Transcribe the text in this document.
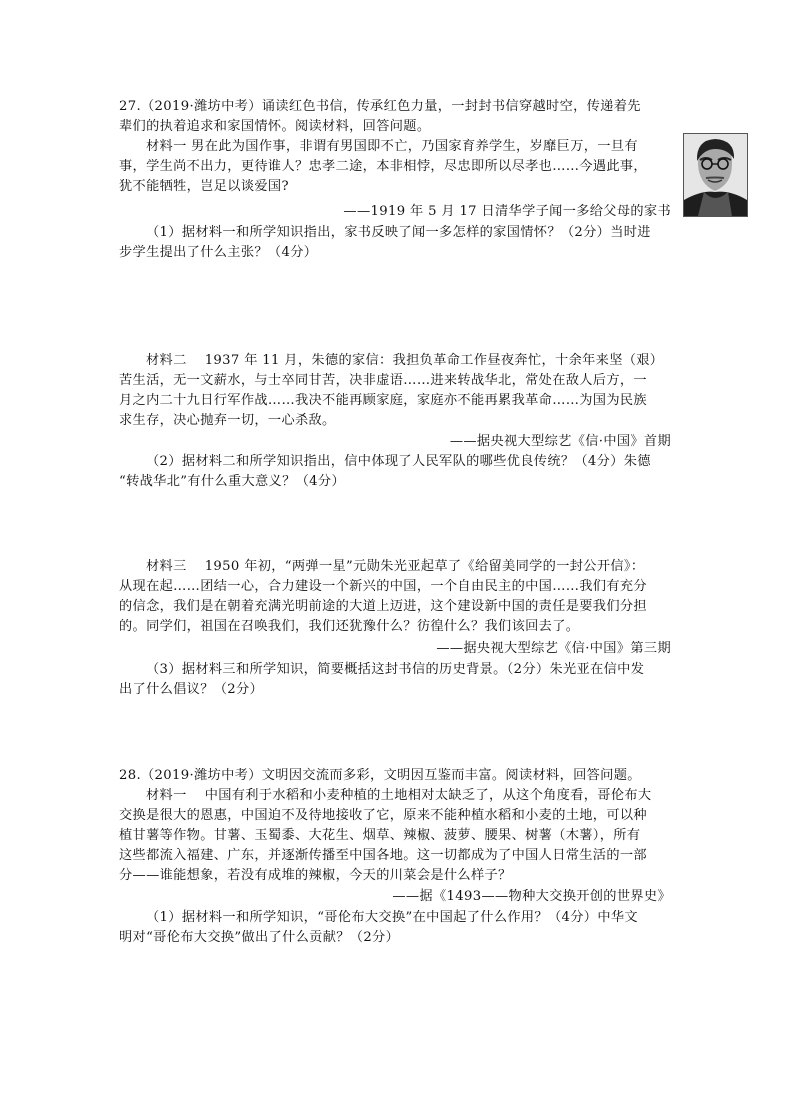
27.（2019·潍坊中考）诵读红色书信，传承红色力量，一封封书信穿越时空，传递着先
辈们的执着追求和家国情怀。阅读材料，回答问题。
材料一 男在此为国作事，非谓有男国即不亡，乃国家育养学生，岁靡巨万，一旦有
事，学生尚不出力，更待谁人？忠孝二途，本非相悖，尽忠即所以尽孝也……今遇此事，
犹不能牺牲，岂足以谈爱国?
——1919 年 5 月 17 日清华学子闻一多给父母的家书
（1）据材料一和所学知识指出，家书反映了闻一多怎样的家国情怀？（2分）当时进
步学生提出了什么主张？（4分）
材料二　 1937 年 11 月，朱德的家信：我担负革命工作昼夜奔忙，十余年来坚（艰）
苦生活，无一文薪水，与士卒同甘苦，决非虚语……进来转战华北，常处在敌人后方，一
月之内二十九日行军作战……我决不能再顾家庭，家庭亦不能再累我革命……为国为民族
求生存，决心抛弃一切，一心杀敌。
——据央视大型综艺《信·中国》首期
（2）据材料二和所学知识指出，信中体现了人民军队的哪些优良传统？（4分）朱德
“转战华北”有什么重大意义？（4分）
材料三　 1950 年初，“两弹一星”元勋朱光亚起草了《给留美同学的一封公开信》：
从现在起……团结一心，合力建设一个新兴的中国，一个自由民主的中国……我们有充分
的信念，我们是在朝着充满光明前途的大道上迈进，这个建设新中国的责任是要我们分担
的。同学们，祖国在召唤我们，我们还犹豫什么？彷徨什么？我们该回去了。
——据央视大型综艺《信·中国》第三期
（3）据材料三和所学知识，简要概括这封书信的历史背景。（2分）朱光亚在信中发
出了什么倡议？（2分）
28.（2019·潍坊中考）文明因交流而多彩，文明因互鉴而丰富。阅读材料，回答问题。
材料一　 中国有利于水稻和小麦种植的土地相对太缺乏了，从这个角度看，哥伦布大
交换是很大的恩惠，中国迫不及待地接收了它，原来不能种植水稻和小麦的土地，可以种
植甘薯等作物。甘薯、玉蜀黍、大花生、烟草、辣椒、菠萝、腰果、树薯（木薯），所有
这些都流入福建、广东，并逐渐传播至中国各地。这一切都成为了中国人日常生活的一部
分——谁能想象，若没有成堆的辣椒，今天的川菜会是什么样子？
——据《1493——物种大交换开创的世界史》
（1）据材料一和所学知识，“哥伦布大交换”在中国起了什么作用？（4分）中华文
明对“哥伦布大交换”做出了什么贡献？（2分）
